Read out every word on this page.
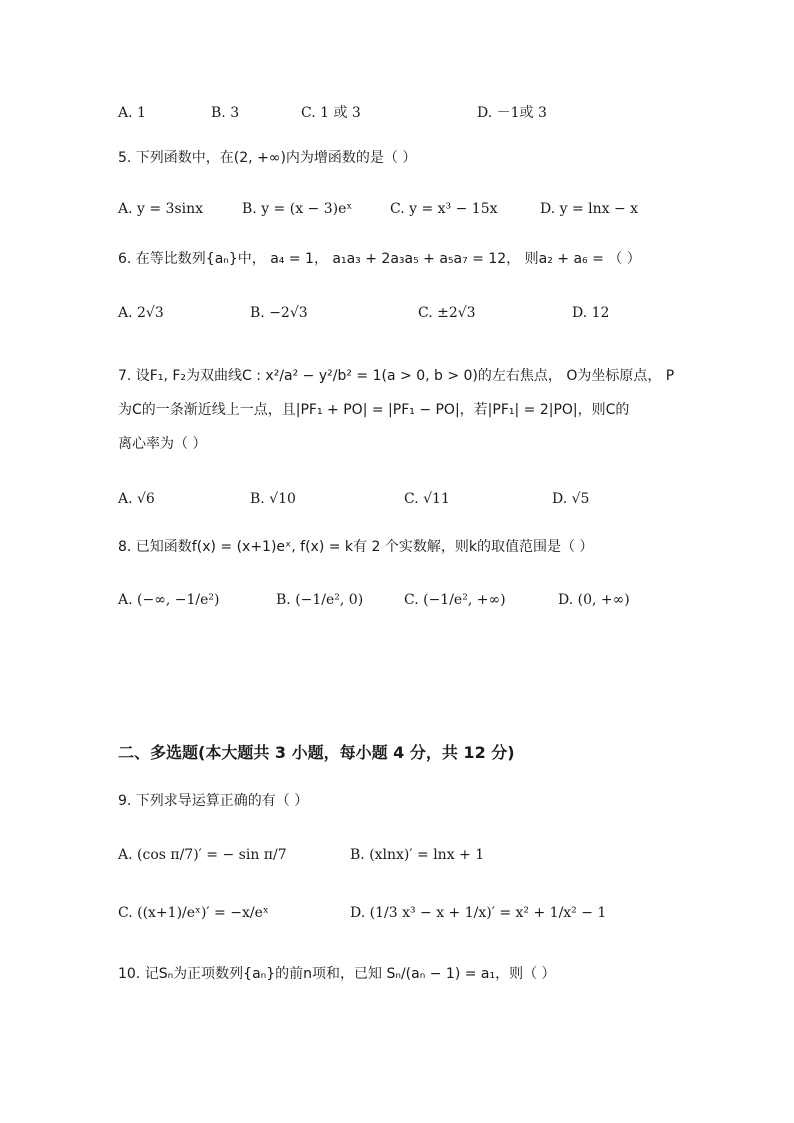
A. 1	B. 3	C. 1 或 3	D. －1或 3
5. 下列函数中，在(2, +∞)内为增函数的是（ ）
A. y = 3sinx	B. y = (x − 3)eˣ	C. y = x³ − 15x	D. y = lnx − x
6. 在等比数列{aₙ}中， a₄ = 1， a₁a₃ + 2a₃a₅ + a₅a₇ = 12， 则a₂ + a₆ = （ ）
A. 2√3	B. −2√3	C. ±2√3	D. 12
7. 设F₁, F₂为双曲线C : x²/a² − y²/b² = 1(a > 0, b > 0)的左右焦点， O为坐标原点， P
为C的一条渐近线上一点，且|PF₁ + PO| = |PF₁ − PO|，若|PF₁| = 2|PO|，则C的
离心率为（ ）
A. √6	B. √10	C. √11	D. √5
8. 已知函数f(x) = (x+1)eˣ, f(x) = k有 2 个实数解，则k的取值范围是（ ）
A. (−∞, −1/e²)	B. (−1/e², 0)	C. (−1/e², +∞)	D. (0, +∞)
二、多选题(本大题共 3 小题，每小题 4 分，共 12 分)
9. 下列求导运算正确的有（ ）
A. (cos π/7)′ = − sin π/7	B. (xlnx)′ = lnx + 1
C. ((x+1)/eˣ)′ = −x/eˣ	D. (1/3 x³ − x + 1/x)′ = x² + 1/x² − 1
10. 记Sₙ为正项数列{aₙ}的前n项和，已知 Sₙ/(aₙ − 1) = a₁，则（ ）
